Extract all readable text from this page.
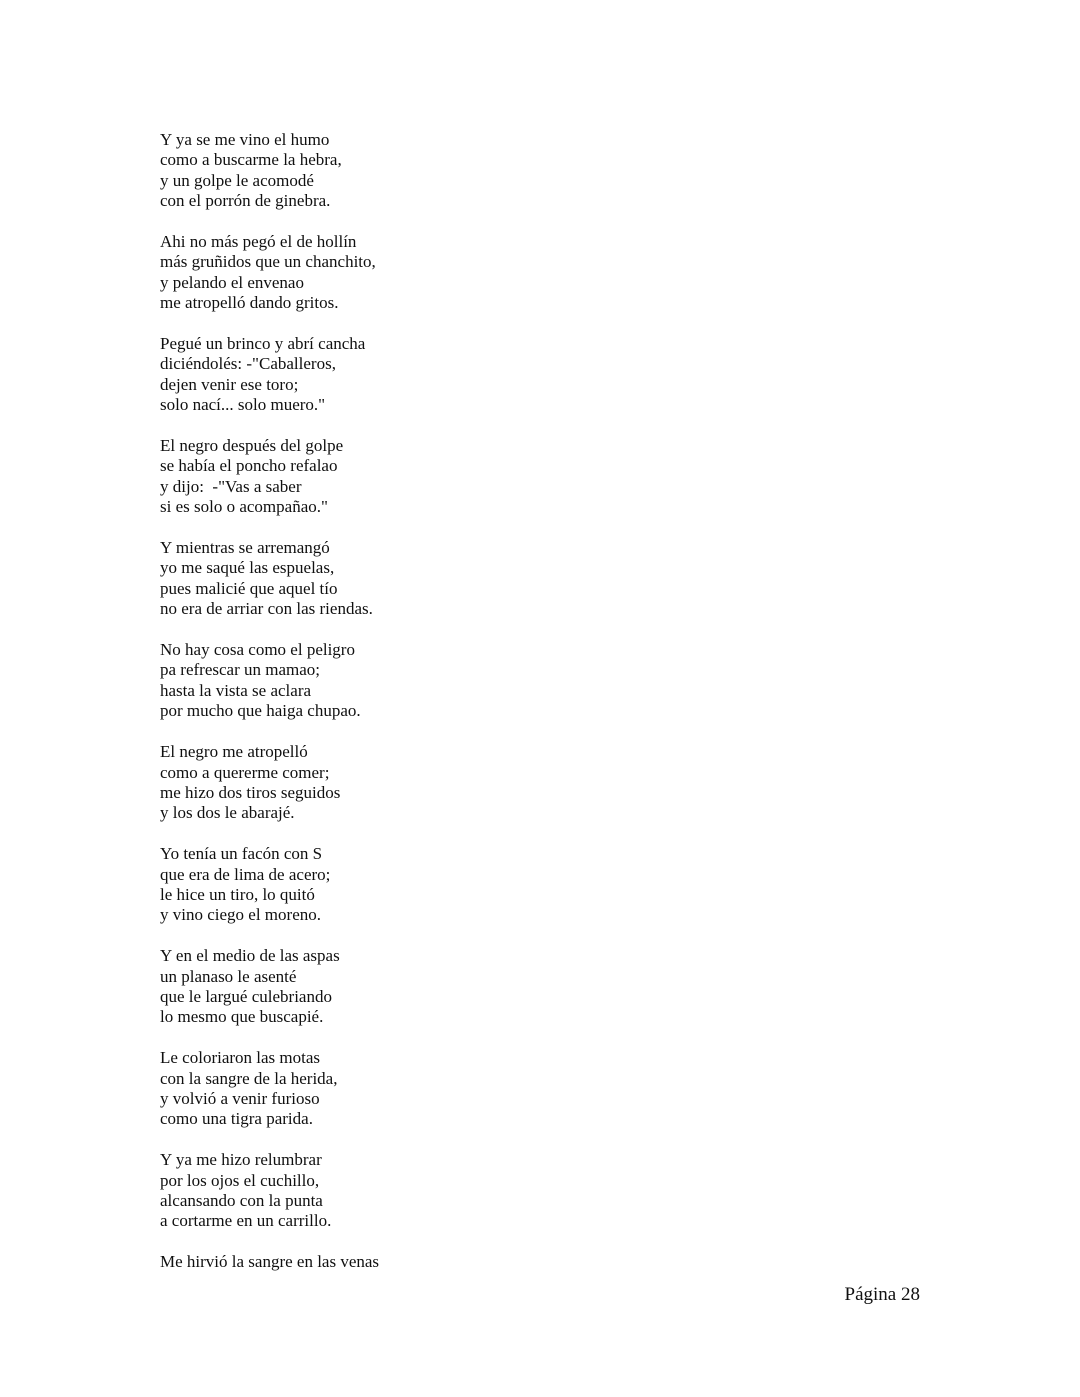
Y ya se me vino el humo
como a buscarme la hebra,
y un golpe le acomodé
con el porrón de ginebra.

Ahi no más pegó el de hollín
más gruñidos que un chanchito,
y pelando el envenao
me atropelló dando gritos.

Pegué un brinco y abrí cancha
diciéndolés: -"Caballeros,
dejen venir ese toro;
solo nací... solo muero."

El negro después del golpe
se había el poncho refalao
y dijo:  -"Vas a saber
si es solo o acompañao."

Y mientras se arremangó
yo me saqué las espuelas,
pues malicié que aquel tío
no era de arriar con las riendas.

No hay cosa como el peligro
pa refrescar un mamao;
hasta la vista se aclara
por mucho que haiga chupao.

El negro me atropelló
como a quererme comer;
me hizo dos tiros seguidos
y los dos le abarajé.

Yo tenía un facón con S
que era de lima de acero;
le hice un tiro, lo quitó
y vino ciego el moreno.

Y en el medio de las aspas
un planaso le asenté
que le largué culebriando
lo mesmo que buscapié.

Le coloriaron las motas
con la sangre de la herida,
y volvió a venir furioso
como una tigra parida.

Y ya me hizo relumbrar
por los ojos el cuchillo,
alcansando con la punta
a cortarme en un carrillo.

Me hirvió la sangre en las venas

Página 28
